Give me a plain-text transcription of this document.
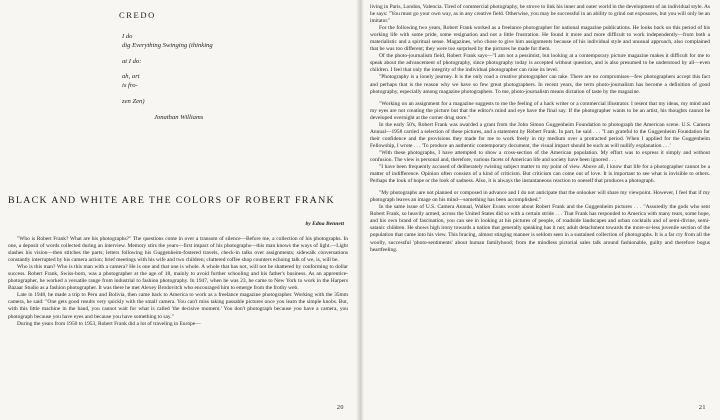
CREDO
I do
dig Everything Swinging (thinking
at I do:
ah, art
is fro-
zen Zen)
Jonathan Williams
BLACK AND WHITE ARE THE COLORS OF ROBERT FRANK
by Edna Bennett

"Who is Robert Frank? What are his photographs?" The questions come in over a transom of silence—Before me, a collection of his photographs. In one, a deposit of words collected during an interview. Memory stirs the years—first impact of his photographs—this man knows the ways of light.—Light slashes his vision—then stitches the parts; letters following his Guggenheim-fostered travels, check-in talks over assignments; sidewalk conversations constantly interrupted by his camera action; brief meetings with his wife and two children; cluttered coffee shop counters echoing talk of we, is, will be.

Who is this man? Who is this man with a camera? He is one and that one is whole. A whole that has not, will not be shattered by conforming to dollar success. Robert Frank, Swiss-born, was a photographer at the age of 18, mainly to avoid further schooling and his father's business. As an apprentice-photographer, he worked a versatile range from industrial to fashion photography. In 1947, when he was 23, he came to New York to work in the Harpers Bazaar Studio as a fashion photographer. It was there he met Alexey Brodovitch who encouraged him to emerge from the frothy web.

Late in 1948, he made a trip to Peru and Bolivia, then came back to America to work as a freelance magazine photographer. Working with the 35mm camera, he said: "One gets good results very quickly with the small camera. You can't miss taking passable pictures once you learn the simple knobs. But, with this little machine in the hand, you cannot wait for what is called 'the decisive moment.' You don't photograph because you have a camera, you photograph because you have eyes and because you have something to say."

During the years from 1950 to 1953, Robert Frank did a lot of traveling in Europe—

20

living in Paris, London, Valencia. Tired of commercial photography, he strove to link his inner and outer world in the development of an individual style. As he says: "You must go your own way, as in any creative field. Otherwise, you may be successful in an ability to grind out exposures, but you will only be an imitator."

For the following two years, Robert Frank worked as a freelance photographer for national magazine publications. He looks back on this period of his working life with some pride, some resignation and not a little frustration. He found it more and more difficult to work independently—from both a materialistic and a spiritual sense. Magazines, who chose to give him assignments because of his individual style and unusual approach, also complained that he was too different; they were too surprised by the pictures he made for them.

Of the photo-journalism field, Robert Frank says—"I am not a pessimist, but looking at a contemporary picture magazine makes it difficult for me to speak about the advancement of photography, since photography today is accepted without question, and is also presumed to be understood by all—even children. I feel that only the integrity of the individual photographer can raise its level.

"Photography is a lonely journey. It is the only road a creative photographer can take. There are no compromises—few photographers accept this fact and perhaps that is the reason why we have so few great photographers. In recent years, the term photo-journalism has become a definition of good photography, especially among magazine photographers. To me, photo-journalism means dictation of taste by the magazine.

"Working on an assignment for a magazine suggests to me the feeling of a hack writer or a commercial illustrator. I resent that my ideas, my mind and my eyes are not creating the picture but that the editor's mind and eye have the final say. If the photographer wants to be an artist, his thoughts cannot be developed overnight at the corner drug store."

In the early 50's, Robert Frank was awarded a grant from the John Simon Guggenheim Foundation to photograph the American scene. U.S. Camera Annual—1958 carried a selection of these pictures, and a statement by Robert Frank. In part, he said . . . "I am grateful to the Guggenheim Foundation for their confidence and the provisions they made for me to work freely in my medium over a protracted period. When I applied for the Guggenheim Fellowship, I wrote . . . 'To produce an authentic contemporary document, the visual impact should be such as will nullify explanation . . .'

"With these photographs, I have attempted to show a cross-section of the American population. My effort was to express it simply and without confusion. The view is personal and, therefore, various facets of American life and society have been ignored . . .

"I have been frequently accused of deliberately twisting subject matter to my point of view. Above all, I know that life for a photographer cannot be a matter of indifference. Opinion often consists of a kind of criticism. But criticism can come out of love. It is important to see what is invisible to others. Perhaps the look of hope or the look of sadness. Also, it is always the instantaneous reaction to oneself that produces a photograph.

"My photographs are not planned or composed in advance and I do not anticipate that the onlooker will share my viewpoint. However, I feel that if my photograph leaves an image on his mind—something has been accomplished."

In the same issue of U.S. Camera Annual, Walker Evans wrote about Robert Frank and the Guggenheim pictures . . . "Assuredly the gods who sent Robert Frank, so heavily armed, across the United States did so with a certain stride . . . That Frank has responded to America with many tears, some hope, and his own brand of fascination, you can see in looking at his pictures of people, of roadside landscapes and urban cocktails and of semi-divine, semi-satanic children. He shows high irony towards a nation that generally speaking has it not; adult detachment towards the more-or-less juvenile section of the population that came into his view. This bracing, almost stinging manner is seldom seen in a sustained collection of photographs. It is a far cry from all the woolly, successful 'photo-sentiments' about human familyhood; from the mindless pictorial sales talk around fashionable, guilty and therefore bogus heartfeeling.

21
